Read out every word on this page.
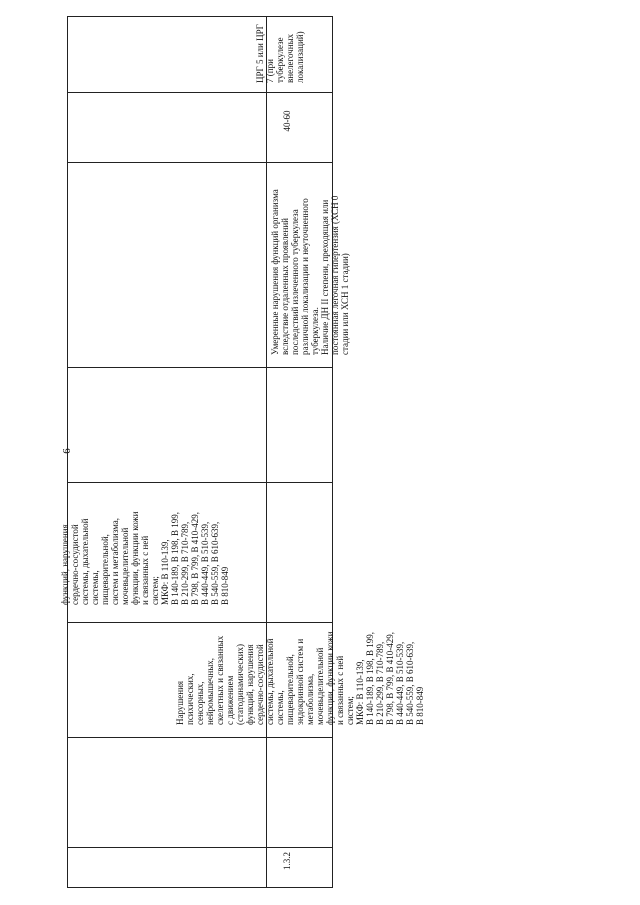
6
функций, нарушения
сердечно-сосудистой
системы, дыхательной
системы,
пищеварительной,
систем и метаболизма,
мочевыделительной
функции, функции кожи
и связанных с ней
систем;
МКФ: В 110-139,
В 140-189, В 198, В 199,
В 210-299, В 710-789,
В 798, В 799, В 410-429,
В 440-449, В 510-539,
В 540-559, В 610-639,
В 810-849
ЦРГ 5 или ЦРГ
7 (при
туберкулезе
внелегочных
локализаций)
1.3.2
Нарушения
психических,
сенсорных,
нейромышечных,
скелетных и связанных
с движением
(статодинамических)
функций, нарушения
сердечно-сосудистой
системы, дыхательной
системы,
пищеварительной,
эндокринной систем и
метаболизма,
мочевыделительной
функции, функции кожи
и связанных с ней
систем;
МКФ: В 110-139,
В 140-189, В 198, В 199,
В 210-299, В 710-789,
В 798, В 799, В 410-429,
В 440-449, В 510-539,
В 540-559, В 610-639,
В 810-849
Умеренные нарушения функций организма
вследствие отдаленных проявлений
последствий излеченного туберкулеза
различной локализации и неуточненного
туберкулеза.
Наличие ДН II степени, преходящая или
постоянная легочная гипертензия (ХСН 0
стадии или ХСН 1 стадии)
40-60
